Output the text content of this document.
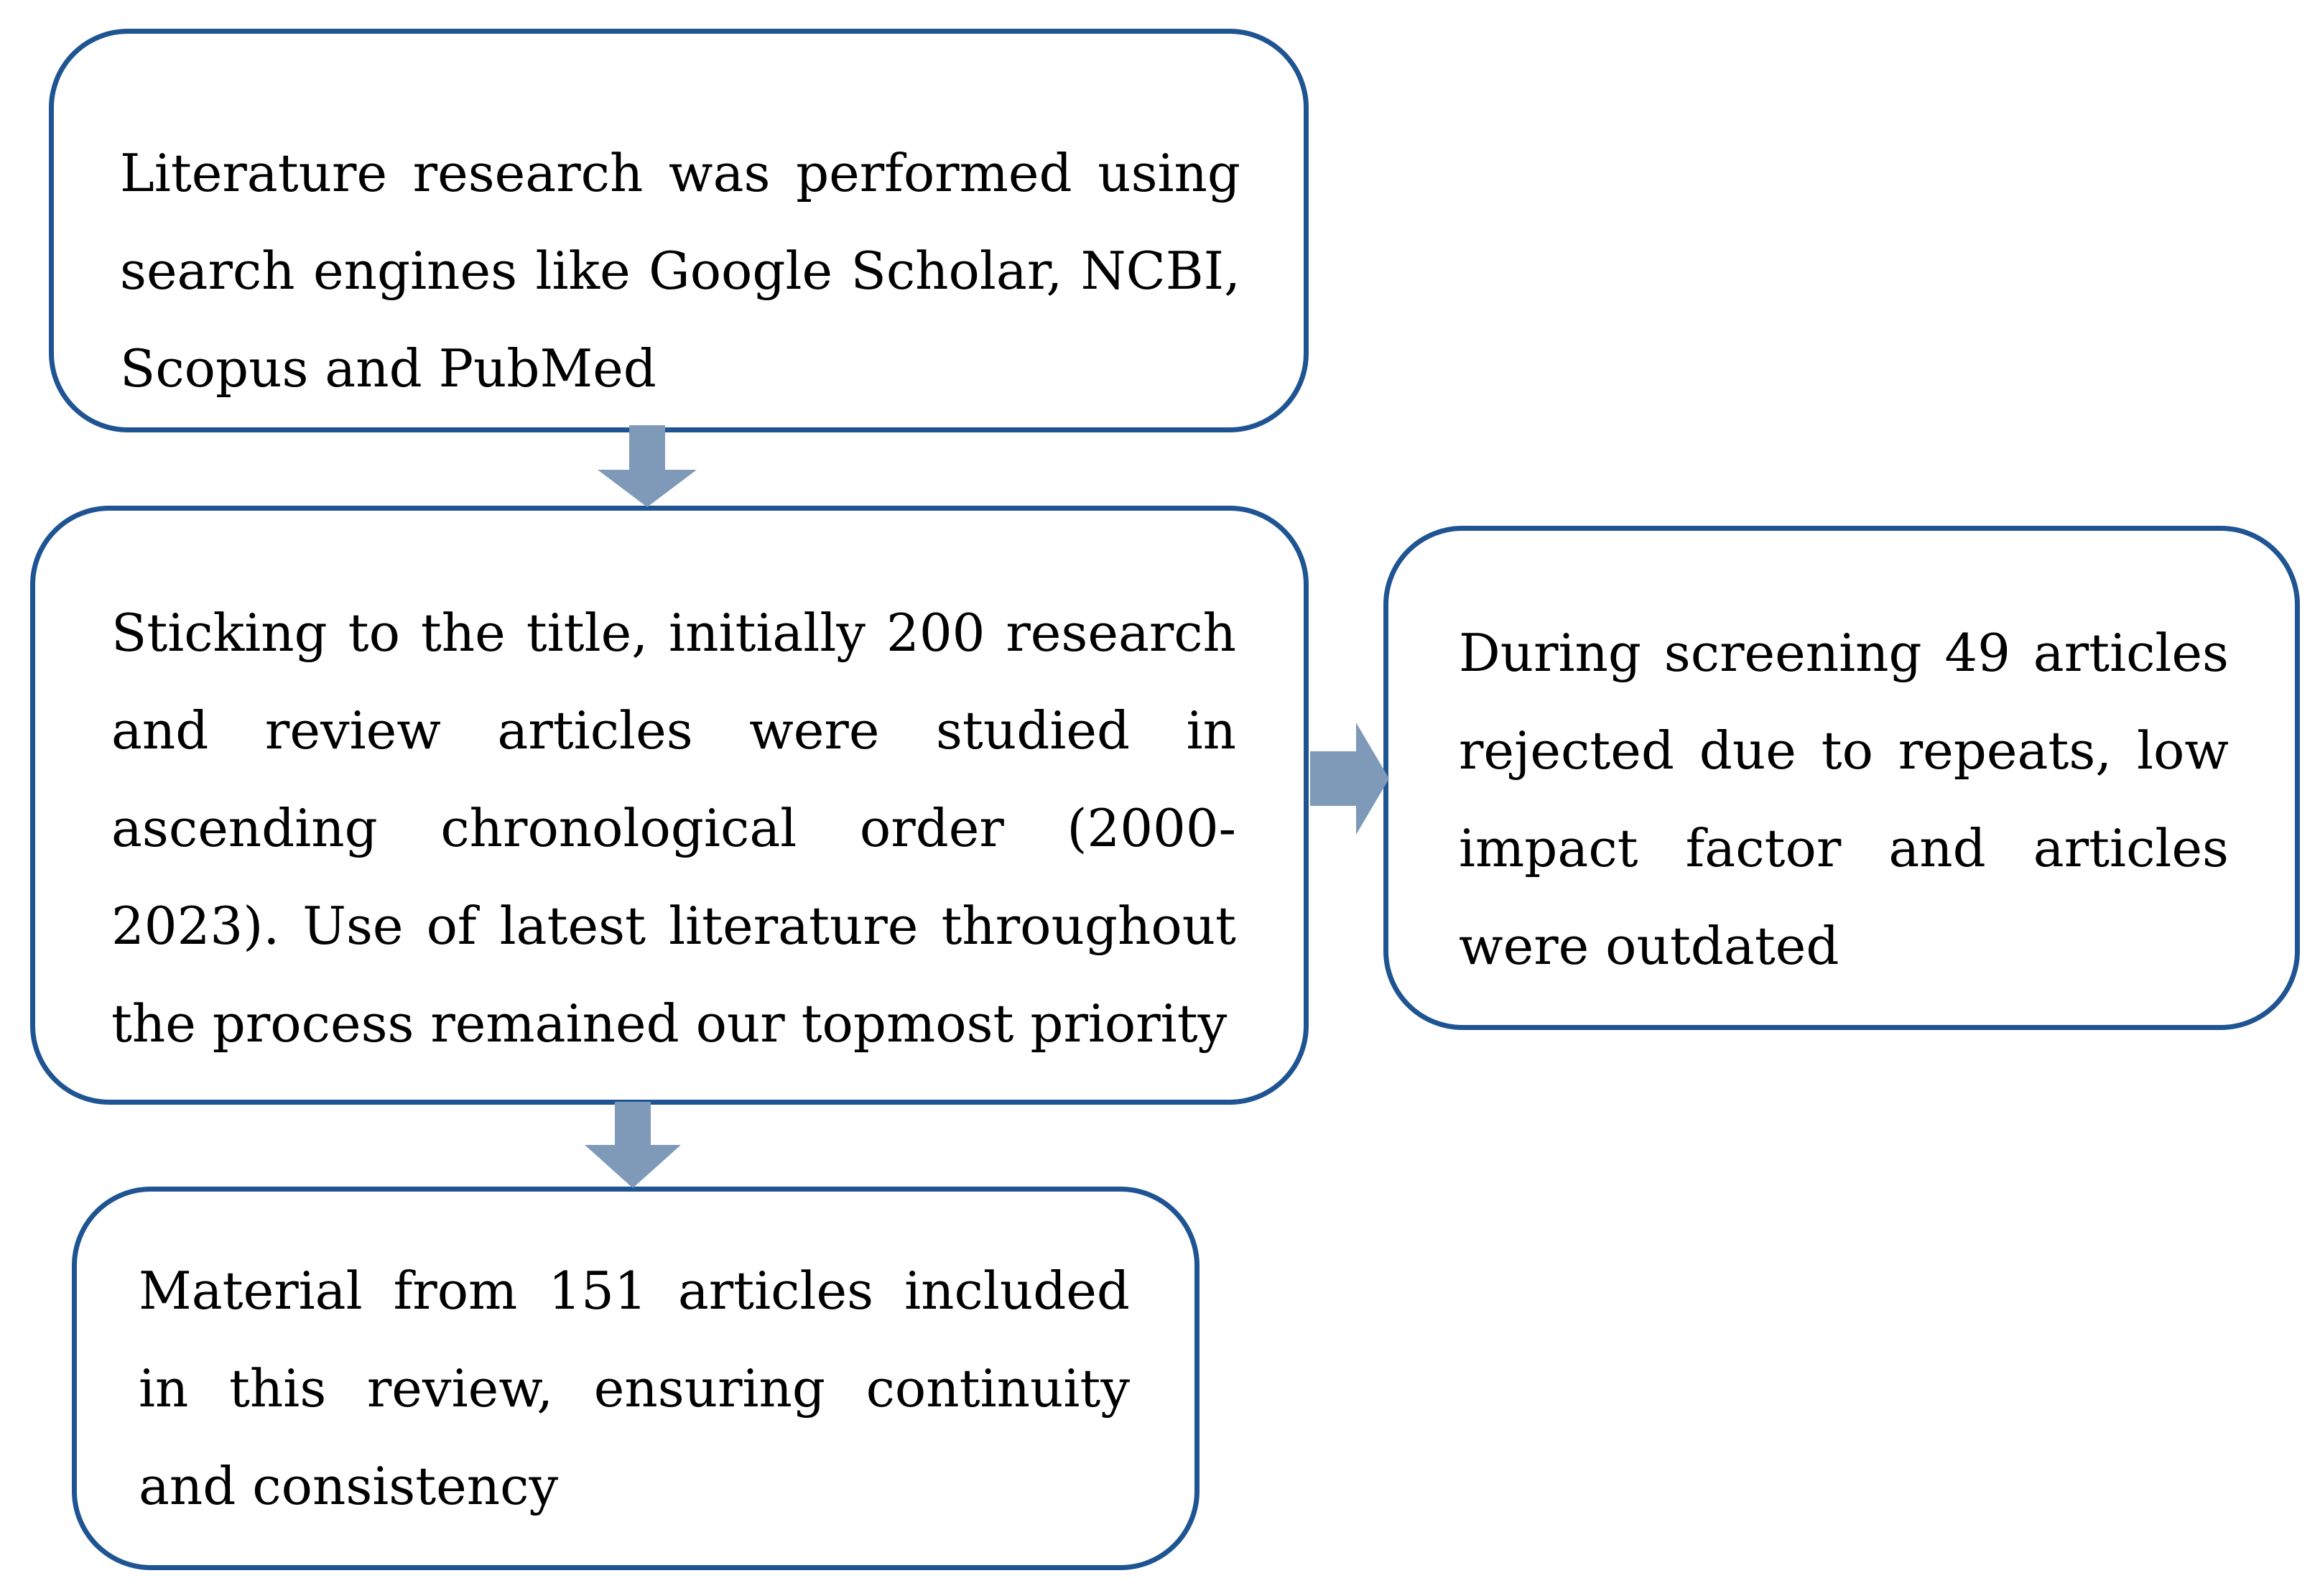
Literature research was performed using search engines like Google Scholar, NCBI, Scopus and PubMed

Sticking to the title, initially 200 research and review articles were studied in ascending chronological order (2000-2023). Use of latest literature throughout the process remained our topmost priority

During screening 49 articles rejected due to repeats, low impact factor and articles were outdated

Material from 151 articles included in this review, ensuring continuity and consistency
